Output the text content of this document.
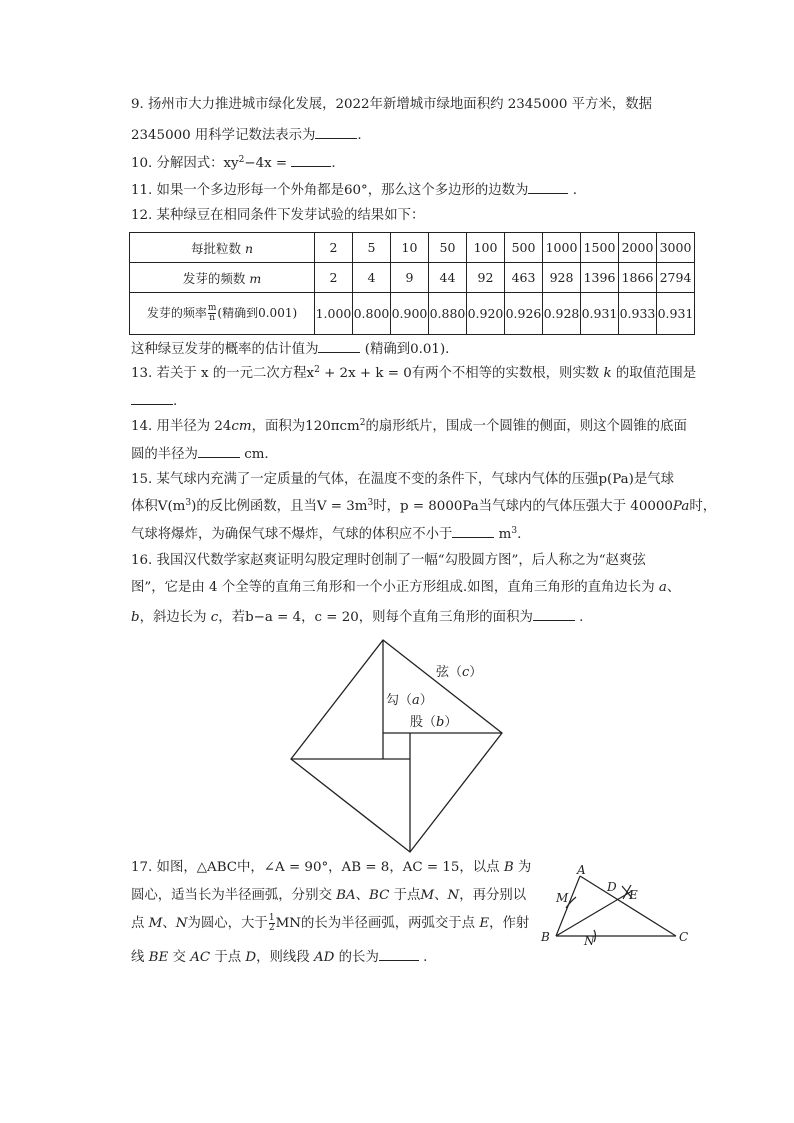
9. 扬州市大力推进城市绿化发展，2022年新增城市绿地面积约 2345000 平方米，数据
2345000 用科学记数法表示为	.
10. 分解因式：$xy^2-4x$ =	.
11. 如果一个多边形每一个外角都是60°，那么这个多边形的边数为	.
12. 某种绿豆在相同条件下发芽试验的结果如下：
每批粒数 n	2	5	10	50	100	500	1000	1500	2000	3000
发芽的频数 m	2	4	9	44	92	463	928	1396	1866	2794
发芽的频率 $\frac{m}{n}$ (精确到0.001)	1.000	0.800	0.900	0.880	0.920	0.926	0.928	0.931	0.933	0.931
这种绿豆发芽的概率的估计值为	(精确到0.01).
13. 若关于 x 的一元二次方程$x^2 + 2x + k = 0$有两个不相等的实数根，则实数 k 的取值范围是
.
14. 用半径为 24cm，面积为120πcm$^2$的扇形纸片，围成一个圆锥的侧面，则这个圆锥的底面
圆的半径为	cm.
15. 某气球内充满了一定质量的气体，在温度不变的条件下，气球内气体的压强p(Pa)是气球
体积$V(m^3)$的反比例函数，且当$V = 3m^3$时，p = 8000Pa当气球内的气体压强大于 40000Pa时，
气球将爆炸，为确保气球不爆炸，气球的体积应不小于	$m^3$.
16. 我国汉代数学家赵爽证明勾股定理时创制了一幅“勾股圆方图”，后人称之为“赵爽弦
图”，它是由 4 个全等的直角三角形和一个小正方形组成.如图，直角三角形的直角边长为 a、
b，斜边长为 c，若b−a = 4，c = 20，则每个直角三角形的面积为	.
弦（c）
勾（a）
股（b）
17. 如图，△ABC中，∠A = 90°，AB = 8，AC = 15，以点 B 为
圆心，适当长为半径画弧，分别交 BA、BC 于点M、N，再分别以
点 M、N为圆心，大于 $\frac{1}{2}$ MN的长为半径画弧，两弧交于点 E，作射
线 BE 交 AC 于点 D，则线段 AD 的长为	.
A
M
D
E
B	N	C
